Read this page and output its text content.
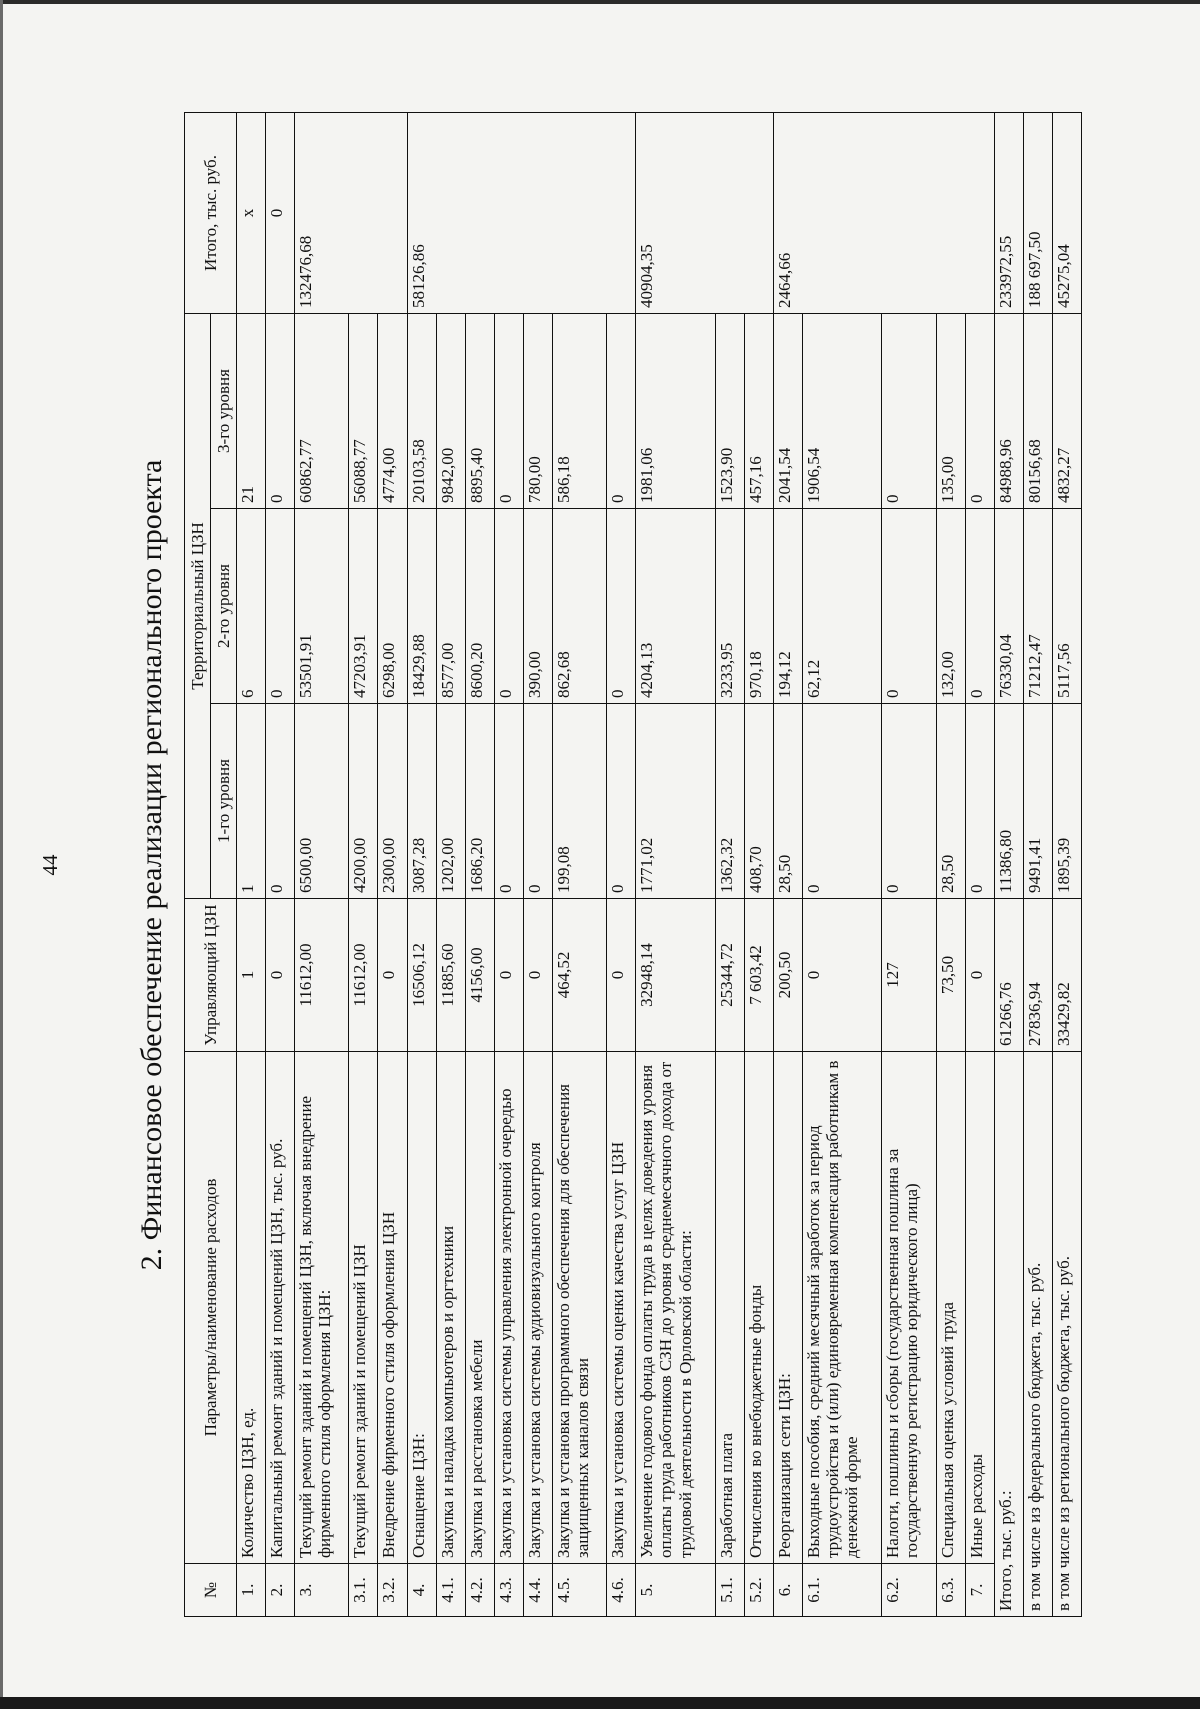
44 2. Финансовое обеспечение реализации регионального проекта
№	Параметры/наименование расходов	Управляющий ЦЗН	Территориальный ЦЗН			Итого, тыс. руб.	
			1-го уровня	2-го уровня	3-го уровня		
1.	Количество ЦЗН, ед.	1	1	6	21	x	
2.	Капитальный ремонт зданий и помещений ЦЗН, тыс. руб.	0	0	0	0	0	
3.	Текущий ремонт зданий и помещений ЦЗН, включая внедрение фирменного стиля оформления ЦЗН:	11612,00	6500,00	53501,91	60862,77	132476,68	
3.1.	Текущий ремонт зданий и помещений ЦЗН	11612,00	4200,00	47203,91	56088,77		
3.2.	Внедрение фирменного стиля оформления ЦЗН	0	2300,00	6298,00	4774,00		
4.	Оснащение ЦЗН:	16506,12	3087,28	18429,88	20103,58	58126,86	
4.1.	Закупка и наладка компьютеров и оргтехники	11885,60	1202,00	8577,00	9842,00		
4.2.	Закупка и расстановка мебели	4156,00	1686,20	8600,20	8895,40		
4.3.	Закупка и установка системы управления электронной очередью	0	0	0	0		
4.4.	Закупка и установка системы аудиовизуального контроля	0	0	390,00	780,00		
4.5.	Закупка и установка программного обеспечения для обеспечения защищенных каналов связи	464,52	199,08	862,68	586,18		
4.6.	Закупка и установка системы оценки качества услуг ЦЗН	0	0	0	0		
5.	Увеличение годового фонда оплаты труда в целях доведения уровня оплаты труда работников СЗН до уровня среднемесячного дохода от трудовой деятельности в Орловской области:	32948,14	1771,02	4204,13	1981,06	40904,35	
5.1.	Заработная плата	25344,72	1362,32	3233,95	1523,90		
5.2.	Отчисления во внебюджетные фонды	7 603,42	408,70	970,18	457,16		
6.	Реорганизация сети ЦЗН:	200,50	28,50	194,12	2041,54	2464,66	
6.1.	Выходные пособия, средний месячный заработок за период трудоустройства и (или) единовременная компенсация работникам в денежной форме	0	0	62,12	1906,54		
6.2.	Налоги, пошлины и сборы (государственная пошлина за государственную регистрацию юридического лица)	127	0	0	0		
6.3.	Специальная оценка условий труда	73,50	28,50	132,00	135,00		
7.	Иные расходы	0	0	0	0		
Итого, тыс. руб.:		61266,76	11386,80	76330,04	84988,96	233972,55	
в том числе из федерального бюджета, тыс. руб.		27836,94	9491,41	71212,47	80156,68	188 697,50	
в том числе из регионального бюджета, тыс. руб.		33429,82	1895,39	5117,56	4832,27	45275,04	
